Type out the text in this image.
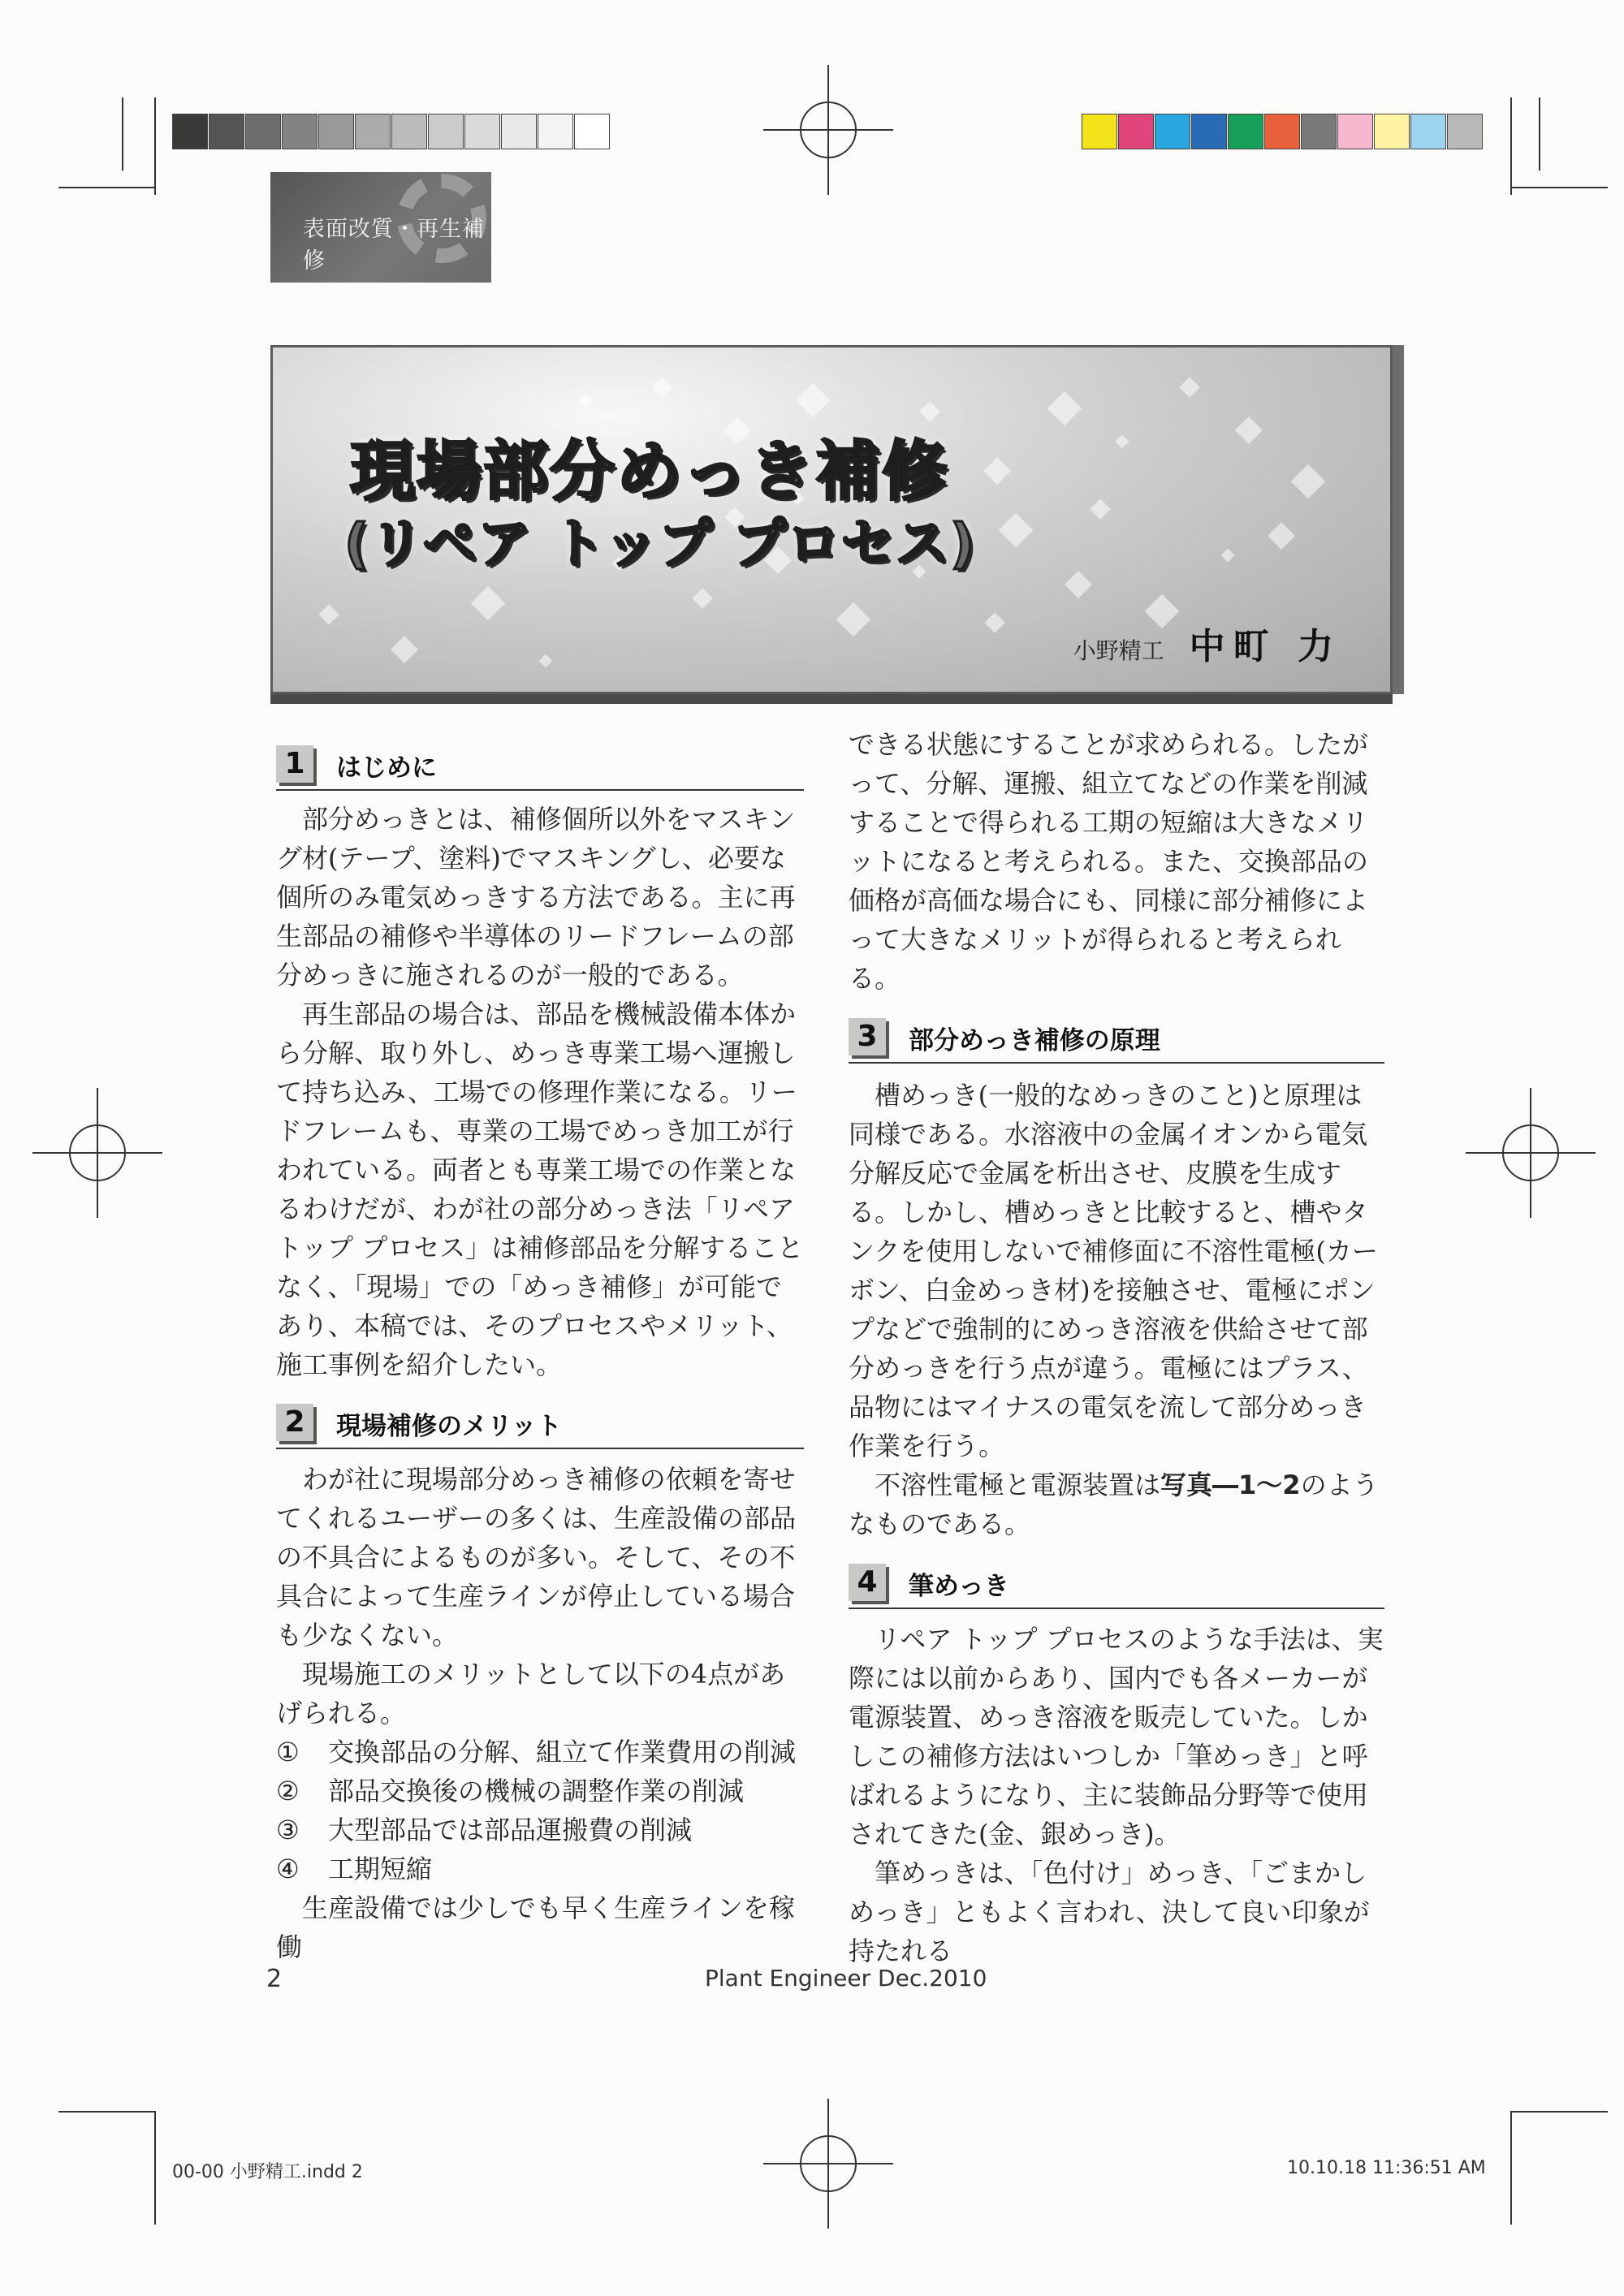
表面改質・再生補修
現場部分めっき補修
(リペア トップ プロセス)
小野精工 中町 力
1	はじめに

部分めっきとは、補修個所以外をマスキング材(テープ、塗料)でマスキングし、必要な個所のみ電気めっきする方法である。主に再生部品の補修や半導体のリードフレームの部分めっきに施されるのが一般的である。

再生部品の場合は、部品を機械設備本体から分解、取り外し、めっき専業工場へ運搬して持ち込み、工場での修理作業になる。リードフレームも、専業の工場でめっき加工が行われている。両者とも専業工場での作業となるわけだが、わが社の部分めっき法「リペア トップ プロセス」は補修部品を分解することなく、「現場」での「めっき補修」が可能であり、本稿では、そのプロセスやメリット、施工事例を紹介したい。

2	現場補修のメリット

わが社に現場部分めっき補修の依頼を寄せてくれるユーザーの多くは、生産設備の部品の不具合によるものが多い。そして、その不具合によって生産ラインが停止している場合も少なくない。

現場施工のメリットとして以下の4点があげられる。

① 交換部品の分解、組立て作業費用の削減
② 部品交換後の機械の調整作業の削減
③ 大型部品では部品運搬費の削減
④ 工期短縮

生産設備では少しでも早く生産ラインを稼働

できる状態にすることが求められる。したがって、分解、運搬、組立てなどの作業を削減することで得られる工期の短縮は大きなメリットになると考えられる。また、交換部品の価格が高価な場合にも、同様に部分補修によって大きなメリットが得られると考えられる。

3	部分めっき補修の原理

槽めっき(一般的なめっきのこと)と原理は同様である。水溶液中の金属イオンから電気分解反応で金属を析出させ、皮膜を生成する。しかし、槽めっきと比較すると、槽やタンクを使用しないで補修面に不溶性電極(カーボン、白金めっき材)を接触させ、電極にポンプなどで強制的にめっき溶液を供給させて部分めっきを行う点が違う。電極にはプラス、品物にはマイナスの電気を流して部分めっき作業を行う。

不溶性電極と電源装置は写真―1～2のようなものである。

4	筆めっき

リペア トップ プロセスのような手法は、実際には以前からあり、国内でも各メーカーが電源装置、めっき溶液を販売していた。しかしこの補修方法はいつしか「筆めっき」と呼ばれるようになり、主に装飾品分野等で使用されてきた(金、銀めっき)。

筆めっきは、「色付け」めっき、「ごまかしめっき」ともよく言われ、決して良い印象が持たれる

2	Plant Engineer Dec.2010
00-00 小野精工.indd 2	10.10.18 11:36:51 AM
